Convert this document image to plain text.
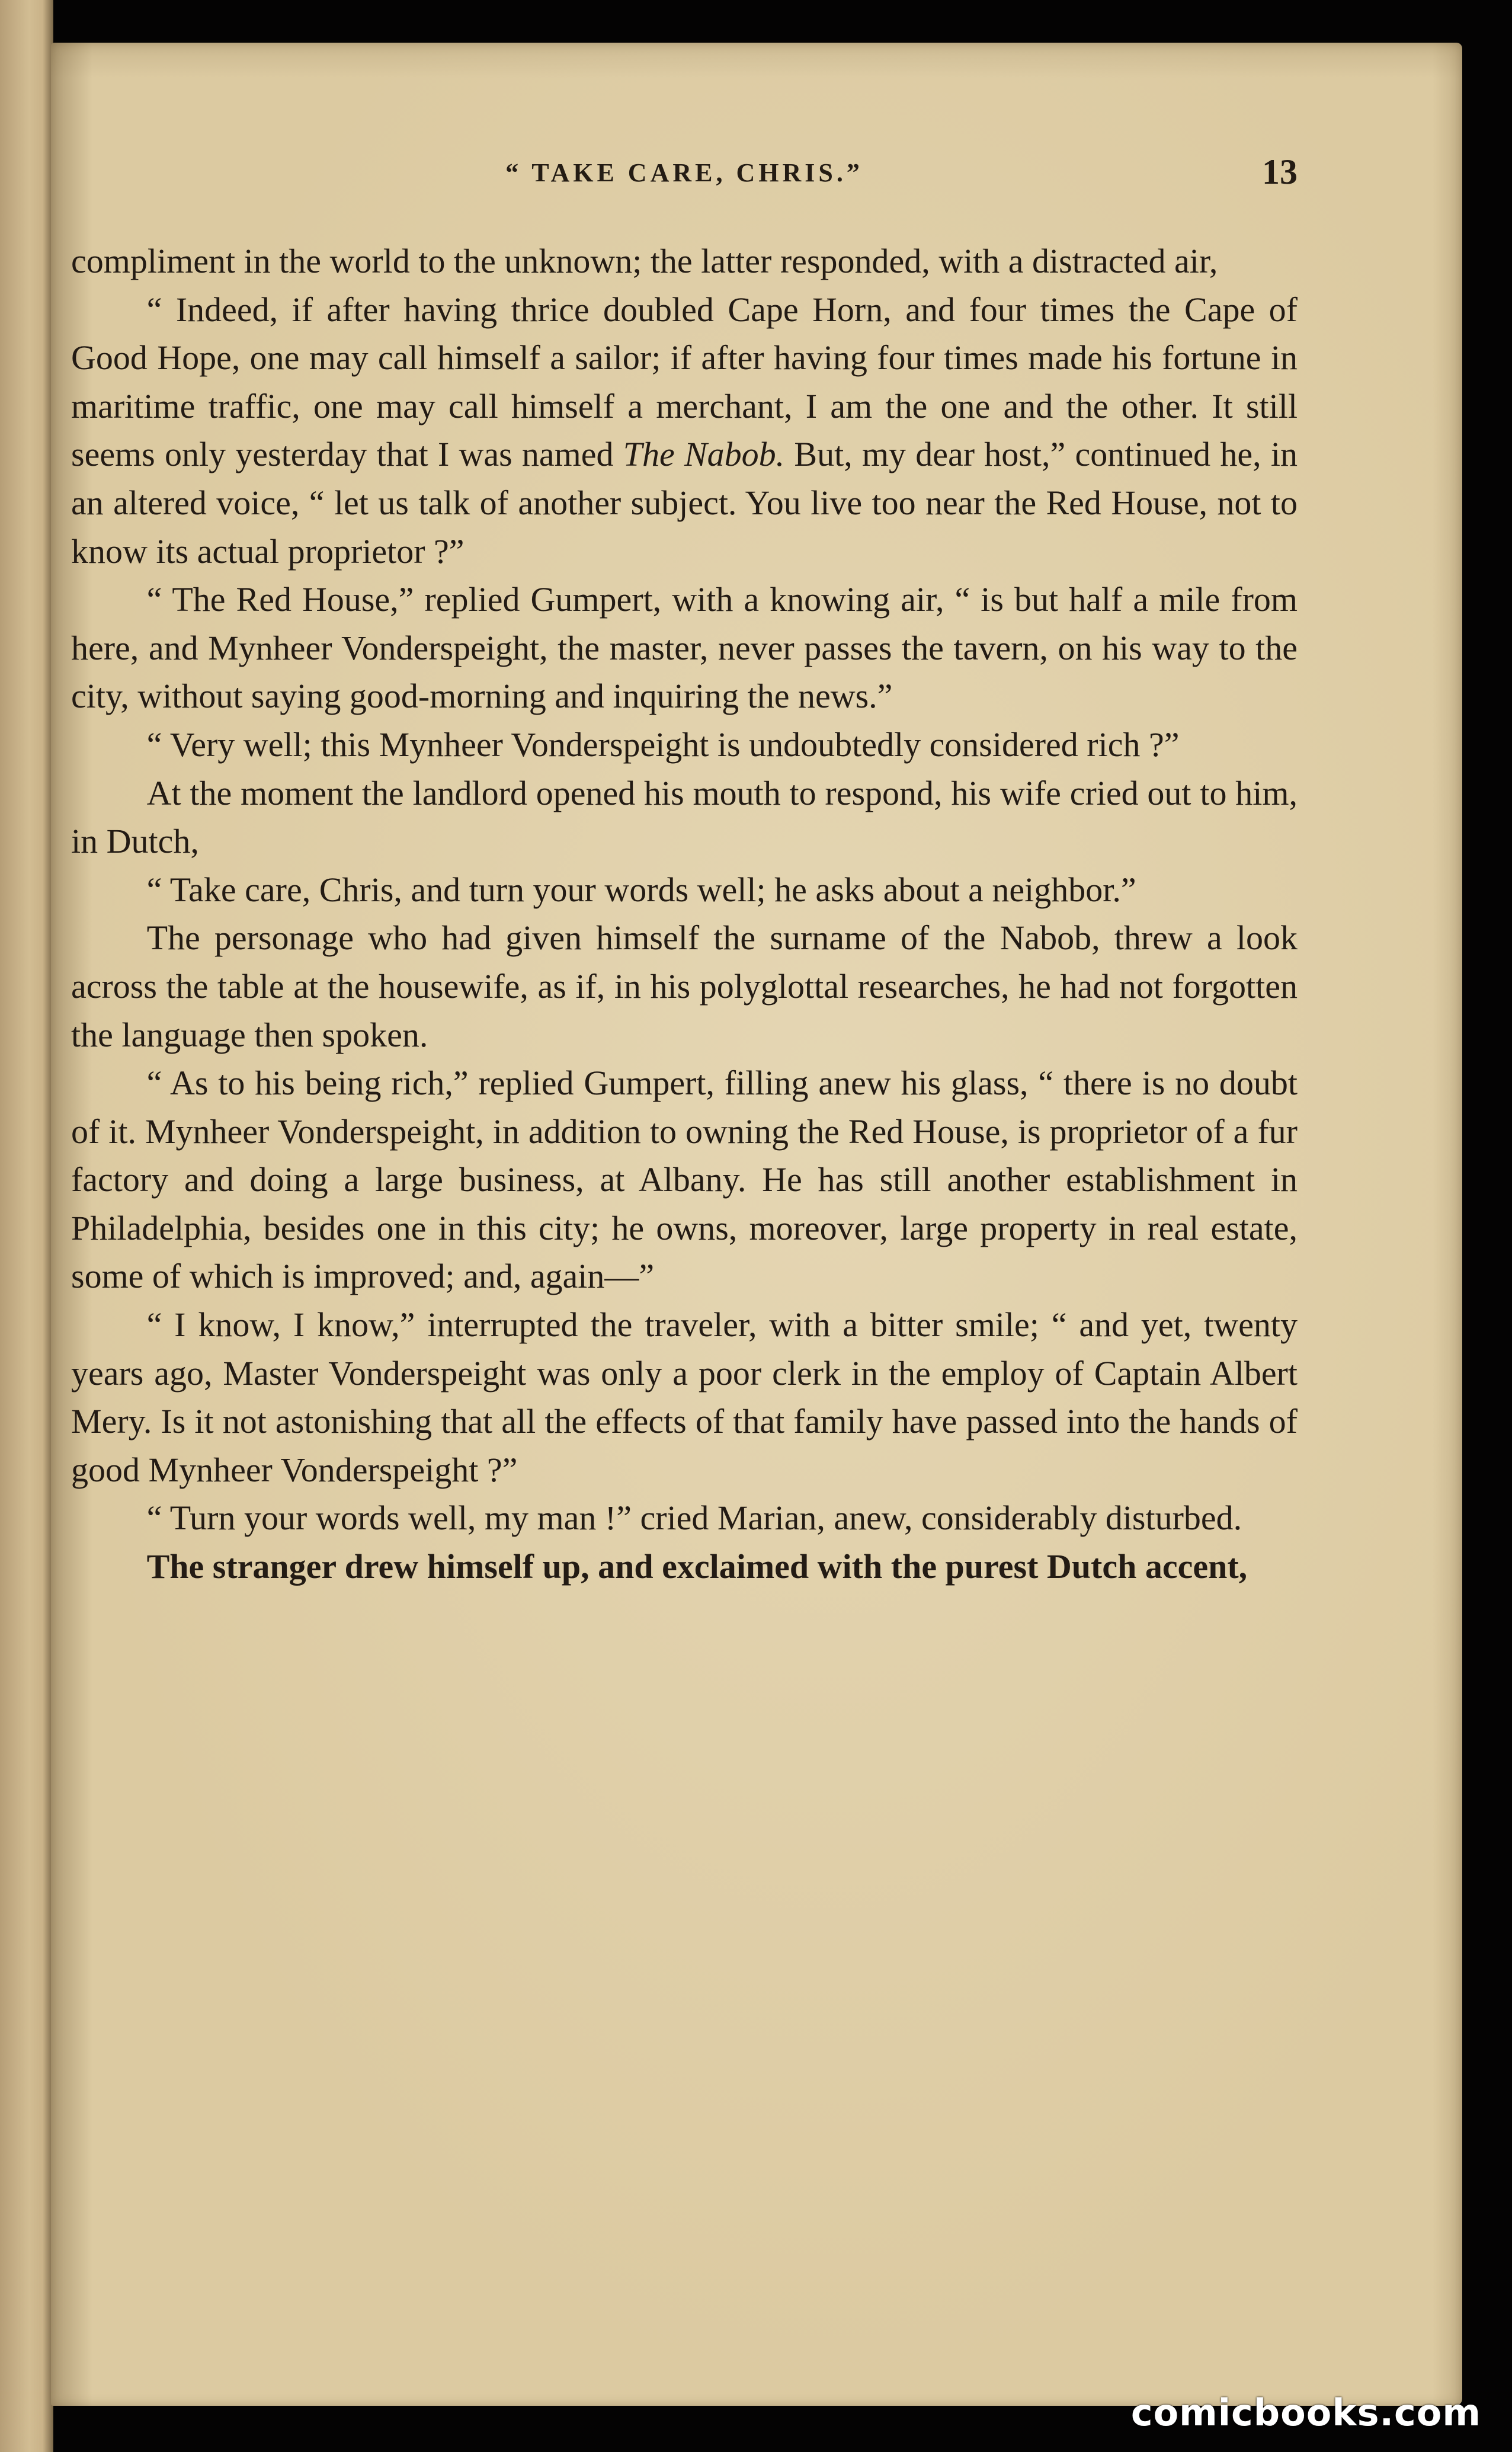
“ TAKE CARE, CHRIS.”	13

compliment in the world to the unknown; the latter responded, with a distracted air,

“ Indeed, if after having thrice doubled Cape Horn, and four times the Cape of Good Hope, one may call himself a sailor; if after having four times made his fortune in maritime traffic, one may call himself a merchant, I am the one and the other. It still seems only yesterday that I was named The Nabob. But, my dear host,” continued he, in an altered voice, “ let us talk of another subject. You live too near the Red House, not to know its actual proprietor ?”

“ The Red House,” replied Gumpert, with a knowing air, “ is but half a mile from here, and Mynheer Vonderspeight, the master, never passes the tavern, on his way to the city, without saying good-morning and inquiring the news.”

“ Very well; this Mynheer Vonderspeight is undoubtedly considered rich ?”

At the moment the landlord opened his mouth to respond, his wife cried out to him, in Dutch,

“ Take care, Chris, and turn your words well; he asks about a neighbor.”

The personage who had given himself the surname of the Nabob, threw a look across the table at the housewife, as if, in his polyglottal researches, he had not forgotten the language then spoken.

“ As to his being rich,” replied Gumpert, filling anew his glass, “ there is no doubt of it. Mynheer Vonderspeight, in addition to owning the Red House, is proprietor of a fur factory and doing a large business, at Albany. He has still another establishment in Philadelphia, besides one in this city; he owns, moreover, large property in real estate, some of which is improved; and, again—”

“ I know, I know,” interrupted the traveler, with a bitter smile; “ and yet, twenty years ago, Master Vonderspeight was only a poor clerk in the employ of Captain Albert Mery. Is it not astonishing that all the effects of that family have passed into the hands of good Mynheer Vonderspeight ?”

“ Turn your words well, my man !” cried Marian, anew, considerably disturbed.

The stranger drew himself up, and exclaimed with the purest Dutch accent,

comicbooks.com
